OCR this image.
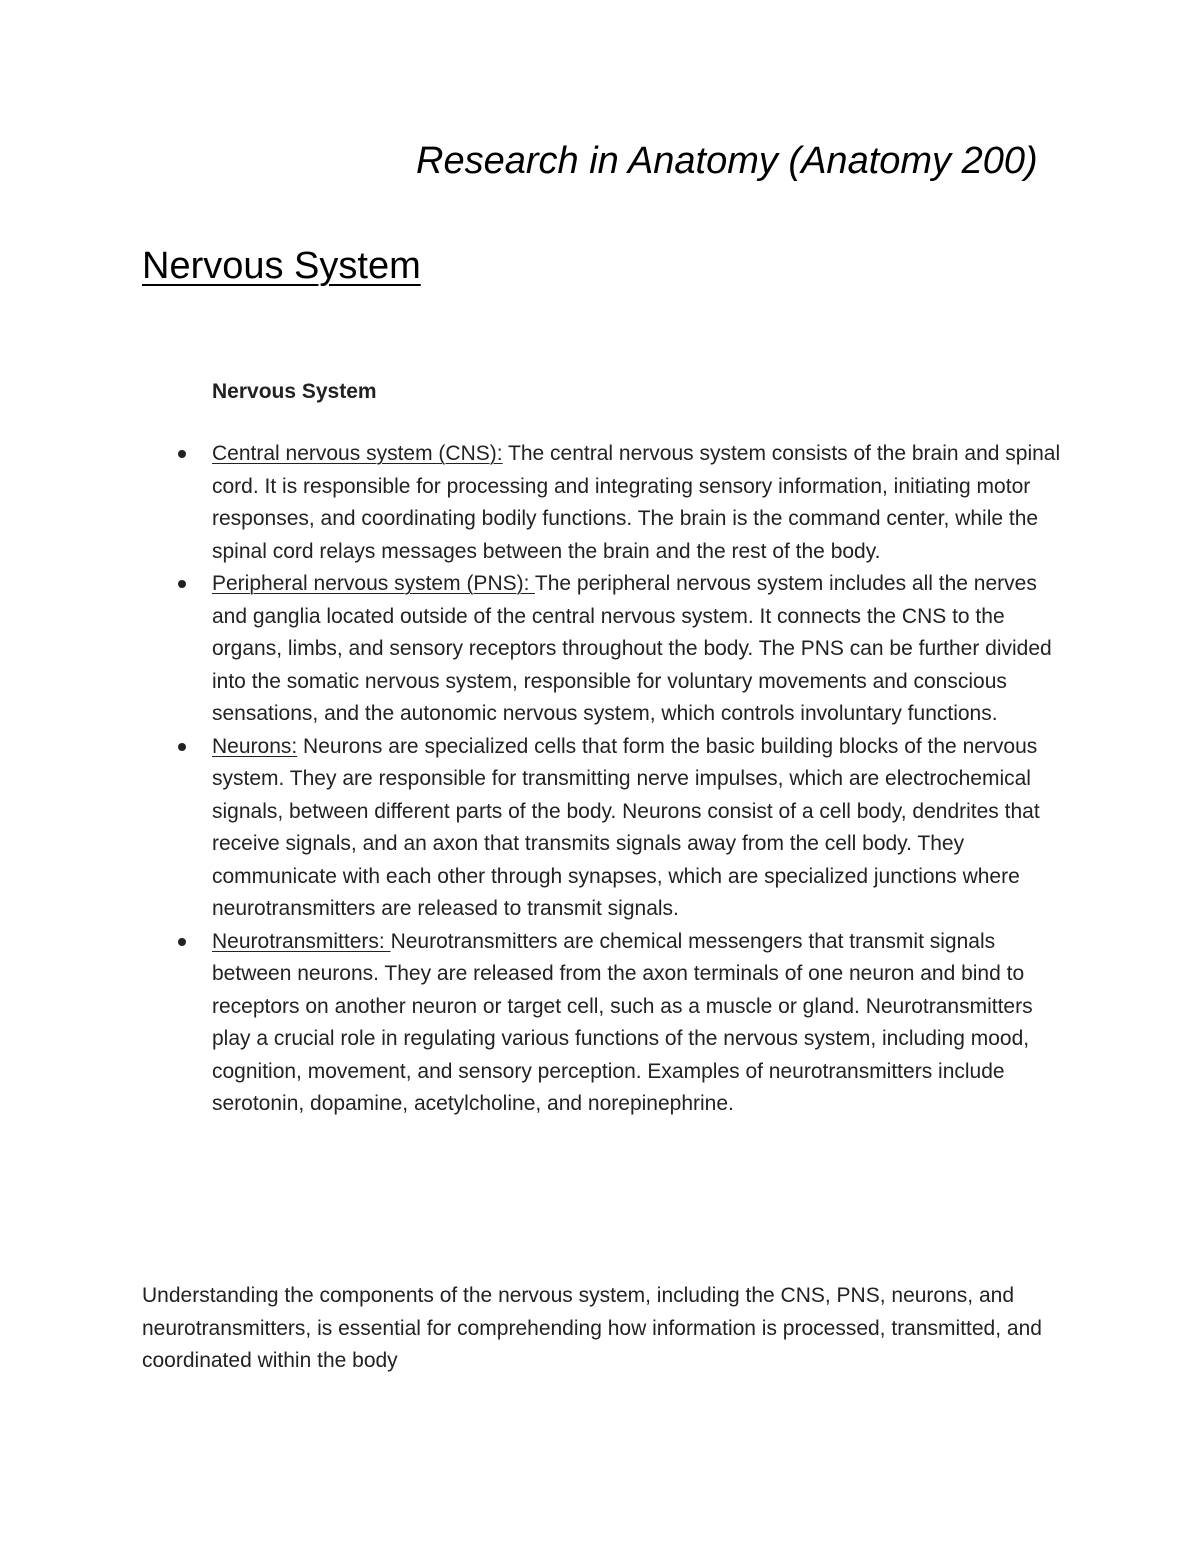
Research in Anatomy (Anatomy 200)
Nervous System
Nervous System
Central nervous system (CNS): The central nervous system consists of the brain and spinal cord. It is responsible for processing and integrating sensory information, initiating motor responses, and coordinating bodily functions. The brain is the command center, while the spinal cord relays messages between the brain and the rest of the body.
Peripheral nervous system (PNS): The peripheral nervous system includes all the nerves and ganglia located outside of the central nervous system. It connects the CNS to the organs, limbs, and sensory receptors throughout the body. The PNS can be further divided into the somatic nervous system, responsible for voluntary movements and conscious sensations, and the autonomic nervous system, which controls involuntary functions.
Neurons: Neurons are specialized cells that form the basic building blocks of the nervous system. They are responsible for transmitting nerve impulses, which are electrochemical signals, between different parts of the body. Neurons consist of a cell body, dendrites that receive signals, and an axon that transmits signals away from the cell body. They communicate with each other through synapses, which are specialized junctions where neurotransmitters are released to transmit signals.
Neurotransmitters: Neurotransmitters are chemical messengers that transmit signals between neurons. They are released from the axon terminals of one neuron and bind to receptors on another neuron or target cell, such as a muscle or gland. Neurotransmitters play a crucial role in regulating various functions of the nervous system, including mood, cognition, movement, and sensory perception. Examples of neurotransmitters include serotonin, dopamine, acetylcholine, and norepinephrine.

Understanding the components of the nervous system, including the CNS, PNS, neurons, and neurotransmitters, is essential for comprehending how information is processed, transmitted, and coordinated within the body
